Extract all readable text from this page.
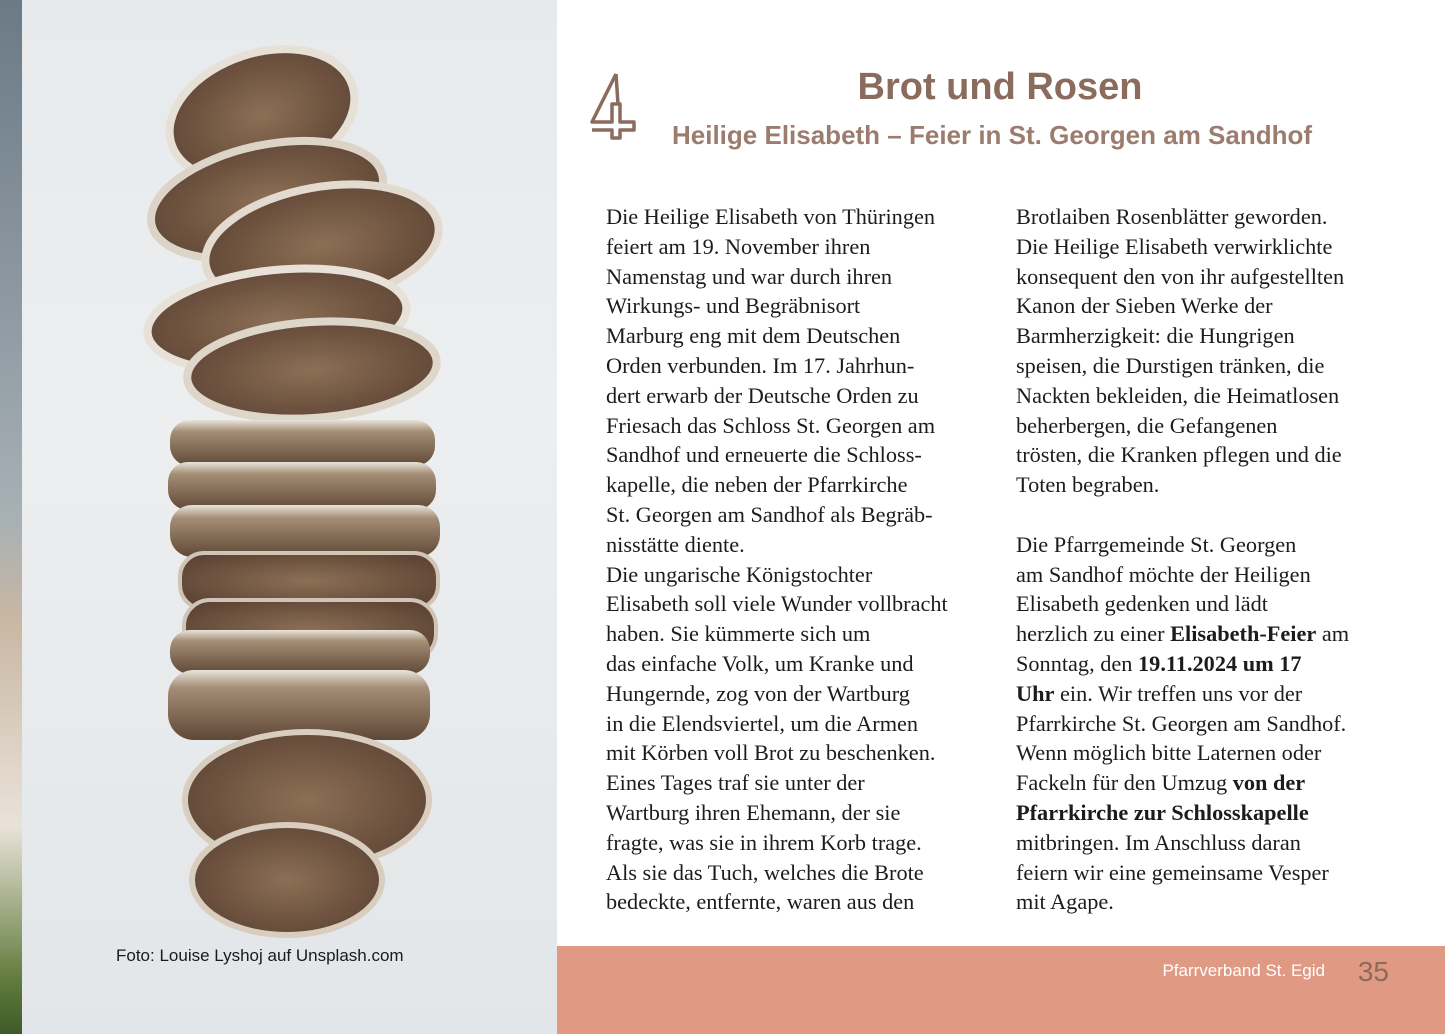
Foto: Louise Lyshoj auf Unsplash.com
Brot und Rosen
Heilige Elisabeth – Feier in St. Georgen am Sandhof
Die Heilige Elisabeth von Thüringen
feiert am 19. November ihren
Namenstag und war durch ihren
Wirkungs- und Begräbnisort
Marburg eng mit dem Deutschen
Orden verbunden. Im 17. Jahrhun-
dert erwarb der Deutsche Orden zu
Friesach das Schloss St. Georgen am
Sandhof und erneuerte die Schloss-
kapelle, die neben der Pfarrkirche
St. Georgen am Sandhof als Begräb-
nisstätte diente.
Die ungarische Königstochter
Elisabeth soll viele Wunder vollbracht
haben. Sie kümmerte sich um
das einfache Volk, um Kranke und
Hungernde, zog von der Wartburg
in die Elendsviertel, um die Armen
mit Körben voll Brot zu beschenken.
Eines Tages traf sie unter der
Wartburg ihren Ehemann, der sie
fragte, was sie in ihrem Korb trage.
Als sie das Tuch, welches die Brote
bedeckte, entfernte, waren aus den
Brotlaiben Rosenblätter geworden.
Die Heilige Elisabeth verwirklichte
konsequent den von ihr aufgestellten
Kanon der Sieben Werke der
Barmherzigkeit: die Hungrigen
speisen, die Durstigen tränken, die
Nackten bekleiden, die Heimatlosen
beherbergen, die Gefangenen
trösten, die Kranken pflegen und die
Toten begraben.
Die Pfarrgemeinde St. Georgen
am Sandhof möchte der Heiligen
Elisabeth gedenken und lädt
herzlich zu einer Elisabeth-Feier am
Sonntag, den 19.11.2024 um 17
Uhr ein. Wir treffen uns vor der
Pfarrkirche St. Georgen am Sandhof.
Wenn möglich bitte Laternen oder
Fackeln für den Umzug von der
Pfarrkirche zur Schlosskapelle
mitbringen. Im Anschluss daran
feiern wir eine gemeinsame Vesper
mit Agape.
Pfarrverband St. Egid 35
